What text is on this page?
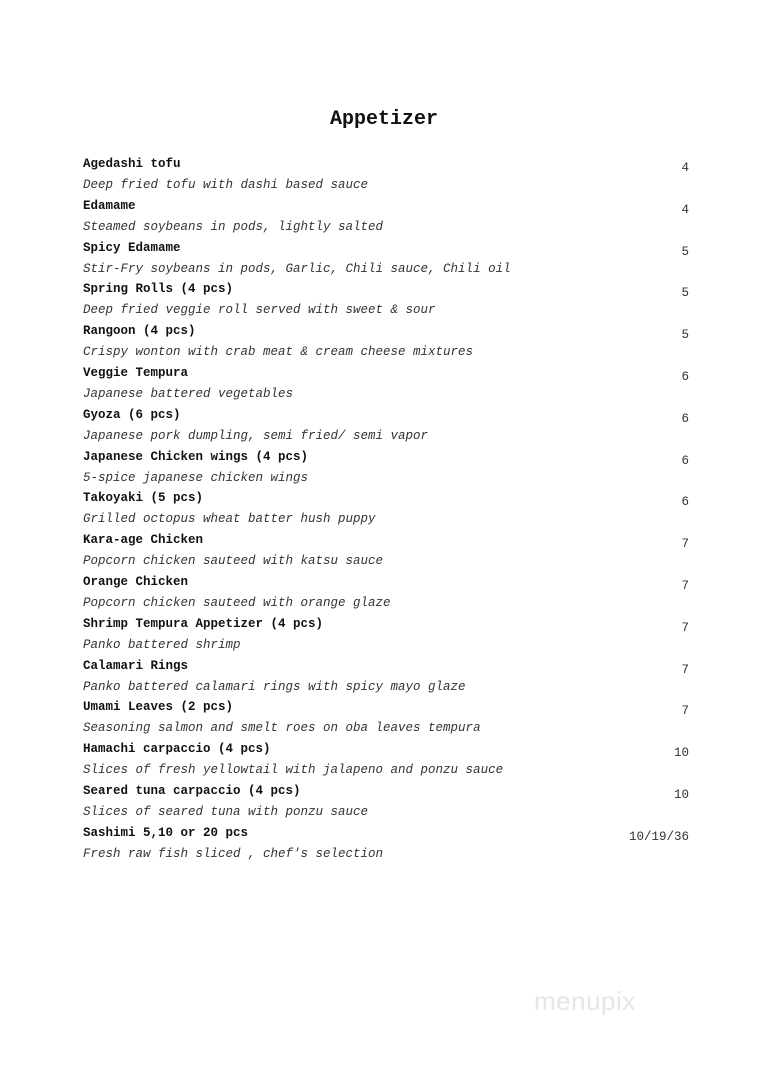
Appetizer
Agedashi tofu	4
Deep fried tofu with dashi based sauce
Edamame	4
Steamed soybeans in pods, lightly salted
Spicy Edamame	5
Stir-Fry soybeans in pods, Garlic, Chili sauce, Chili oil
Spring Rolls (4 pcs)	5
Deep fried veggie roll served with sweet & sour
Rangoon (4 pcs)	5
Crispy wonton with crab meat & cream cheese mixtures
Veggie Tempura	6
Japanese battered vegetables
Gyoza (6 pcs)	6
Japanese pork dumpling, semi fried/ semi vapor
Japanese Chicken wings (4 pcs)	6
5-spice japanese chicken wings
Takoyaki (5 pcs)	6
Grilled octopus wheat batter hush puppy
Kara-age Chicken	7
Popcorn chicken sauteed with katsu sauce
Orange Chicken	7
Popcorn chicken sauteed with orange glaze
Shrimp Tempura Appetizer (4 pcs)	7
Panko battered shrimp
Calamari Rings	7
Panko battered calamari rings with spicy mayo glaze
Umami Leaves (2 pcs)	7
Seasoning salmon and smelt roes on oba leaves tempura
Hamachi carpaccio (4 pcs)	10
Slices of fresh yellowtail with jalapeno and ponzu sauce
Seared tuna carpaccio (4 pcs)	10
Slices of seared tuna with ponzu sauce
Sashimi 5,10 or 20 pcs	10/19/36
Fresh raw fish sliced , chef's selection
menupix
